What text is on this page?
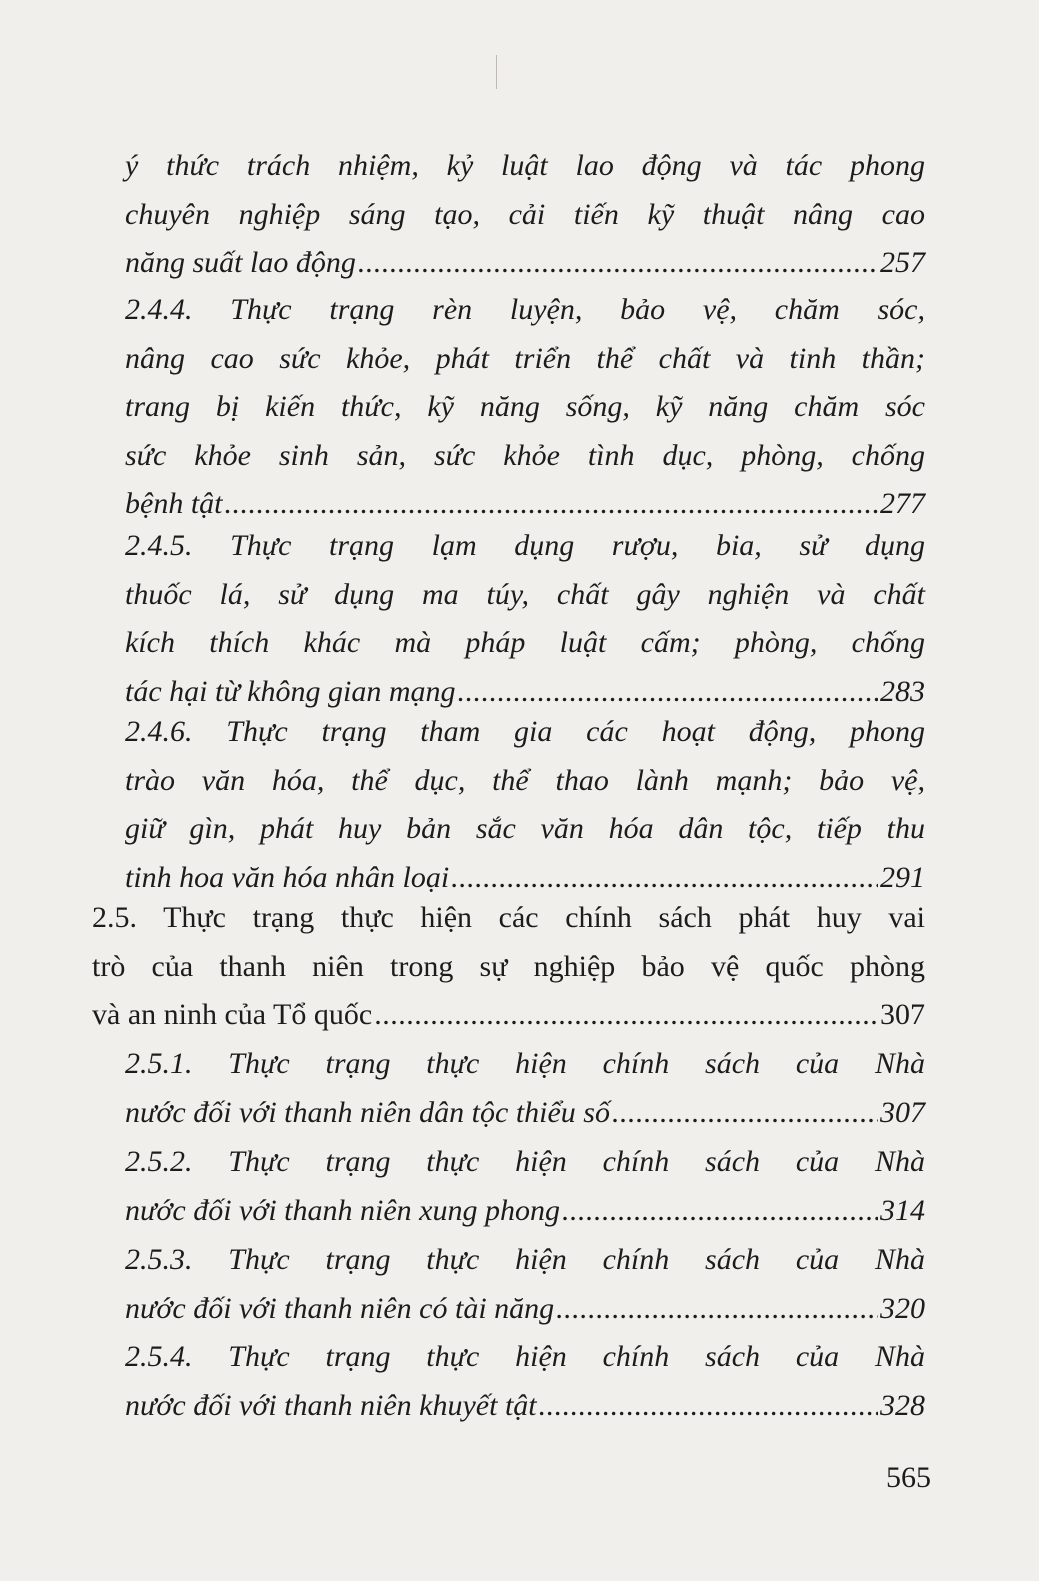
ý thức trách nhiệm, kỷ luật lao động và tác phong
chuyên nghiệp sáng tạo, cải tiến kỹ thuật nâng cao
năng suất lao động .....	257
2.4.4. Thực trạng rèn luyện, bảo vệ, chăm sóc,
nâng cao sức khỏe, phát triển thể chất và tinh thần;
trang bị kiến thức, kỹ năng sống, kỹ năng chăm sóc
sức khỏe sinh sản, sức khỏe tình dục, phòng, chống
bệnh tật .....	277
2.4.5. Thực trạng lạm dụng rượu, bia, sử dụng
thuốc lá, sử dụng ma túy, chất gây nghiện và chất
kích thích khác mà pháp luật cấm; phòng, chống
tác hại từ không gian mạng .....	283
2.4.6. Thực trạng tham gia các hoạt động, phong
trào văn hóa, thể dục, thể thao lành mạnh; bảo vệ,
giữ gìn, phát huy bản sắc văn hóa dân tộc, tiếp thu
tinh hoa văn hóa nhân loại .....	291
2.5. Thực trạng thực hiện các chính sách phát huy vai
trò của thanh niên trong sự nghiệp bảo vệ quốc phòng
và an ninh của Tổ quốc .....	307
2.5.1. Thực trạng thực hiện chính sách của Nhà
nước đối với thanh niên dân tộc thiểu số .....	307
2.5.2. Thực trạng thực hiện chính sách của Nhà
nước đối với thanh niên xung phong .....	314
2.5.3. Thực trạng thực hiện chính sách của Nhà
nước đối với thanh niên có tài năng .....	320
2.5.4. Thực trạng thực hiện chính sách của Nhà
nước đối với thanh niên khuyết tật .....	328
565
